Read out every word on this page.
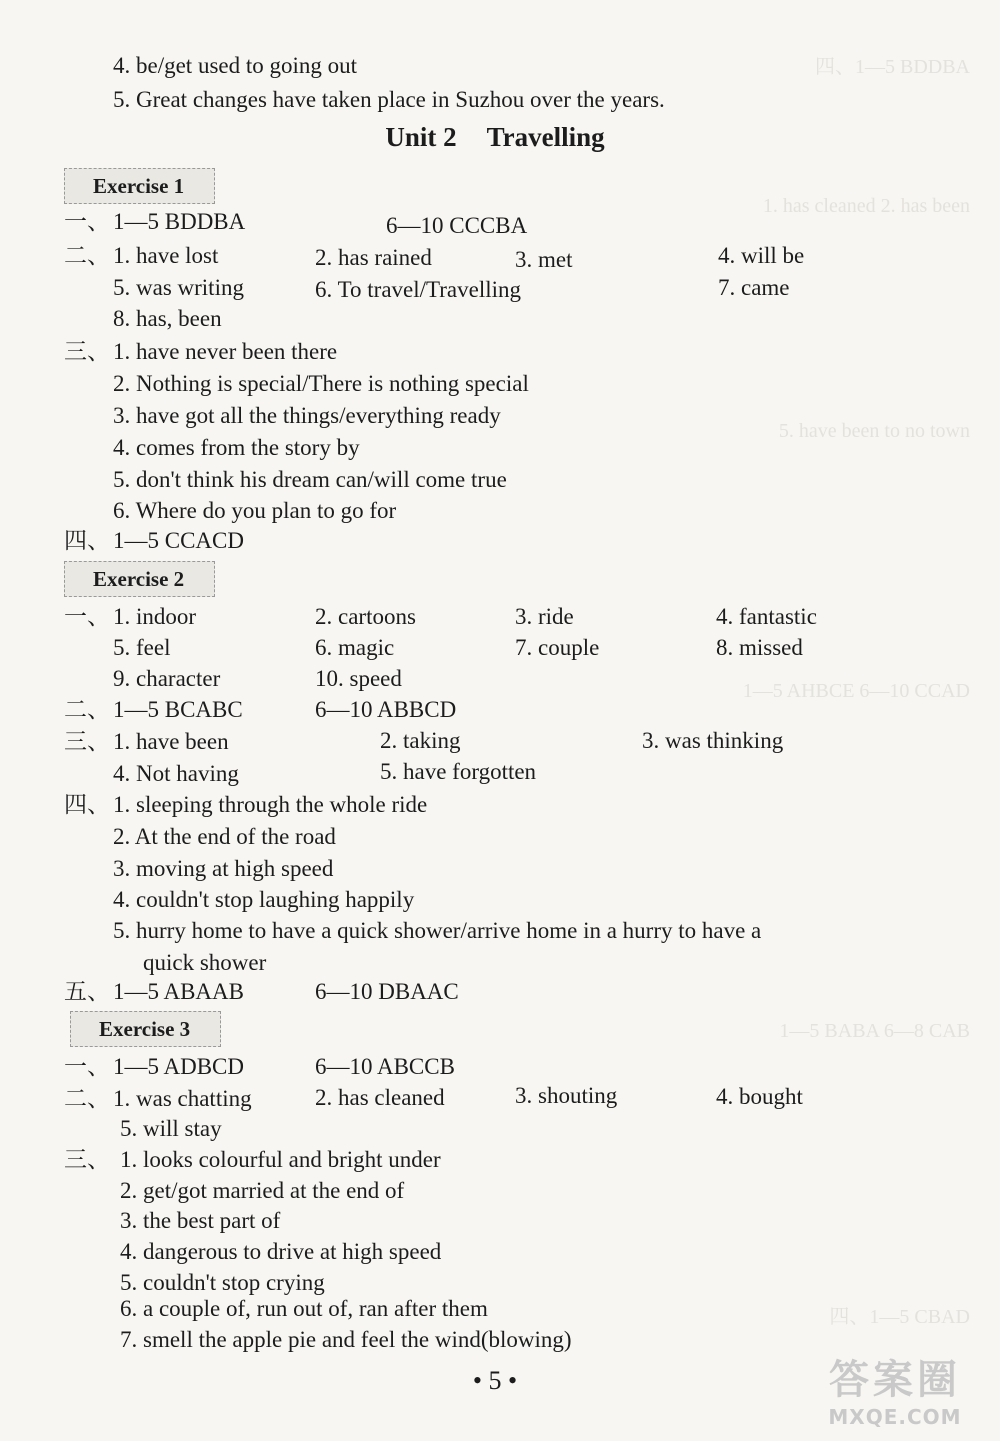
四、1—5 BDDBA
1. has cleaned 2. has been
5. have been to no town
1—5 AHBCE 6—10 CCAD
1—5 BABA 6—8 CAB
四、1—5 CBAD
4. be/get used to going out
5. Great changes have taken place in Suzhou over the years.
Unit 2 Travelling
Exercise 1
一、 1—5 BDDBA	6—10 CCCBA
二、 1. have lost	2. has rained	3. met	4. will be
5. was writing	6. To travel/Travelling	7. came
8. has, been
三、 1. have never been there
2. Nothing is special/There is nothing special
3. have got all the things/everything ready
4. comes from the story by
5. don't think his dream can/will come true
6. Where do you plan to go for
四、 1—5 CCACD
Exercise 2
一、 1. indoor	2. cartoons	3. ride	4. fantastic
5. feel	6. magic	7. couple	8. missed
9. character	10. speed
二、 1—5 BCABC	6—10 ABBCD
三、 1. have been	2. taking	3. was thinking
4. Not having	5. have forgotten
四、 1. sleeping through the whole ride
2. At the end of the road
3. moving at high speed
4. couldn't stop laughing happily
5. hurry home to have a quick shower/arrive home in a hurry to have a
quick shower
五、 1—5 ABAAB	6—10 DBAAC
Exercise 3
一、 1—5 ADBCD	6—10 ABCCB
二、 1. was chatting	2. has cleaned	3. shouting	4. bought
5. will stay
三、 1. looks colourful and bright under
2. get/got married at the end of
3. the best part of
4. dangerous to drive at high speed
5. couldn't stop crying
6. a couple of, run out of, ran after them
7. smell the apple pie and feel the wind(blowing)
• 5 •	答案圈
MXQE.COM
